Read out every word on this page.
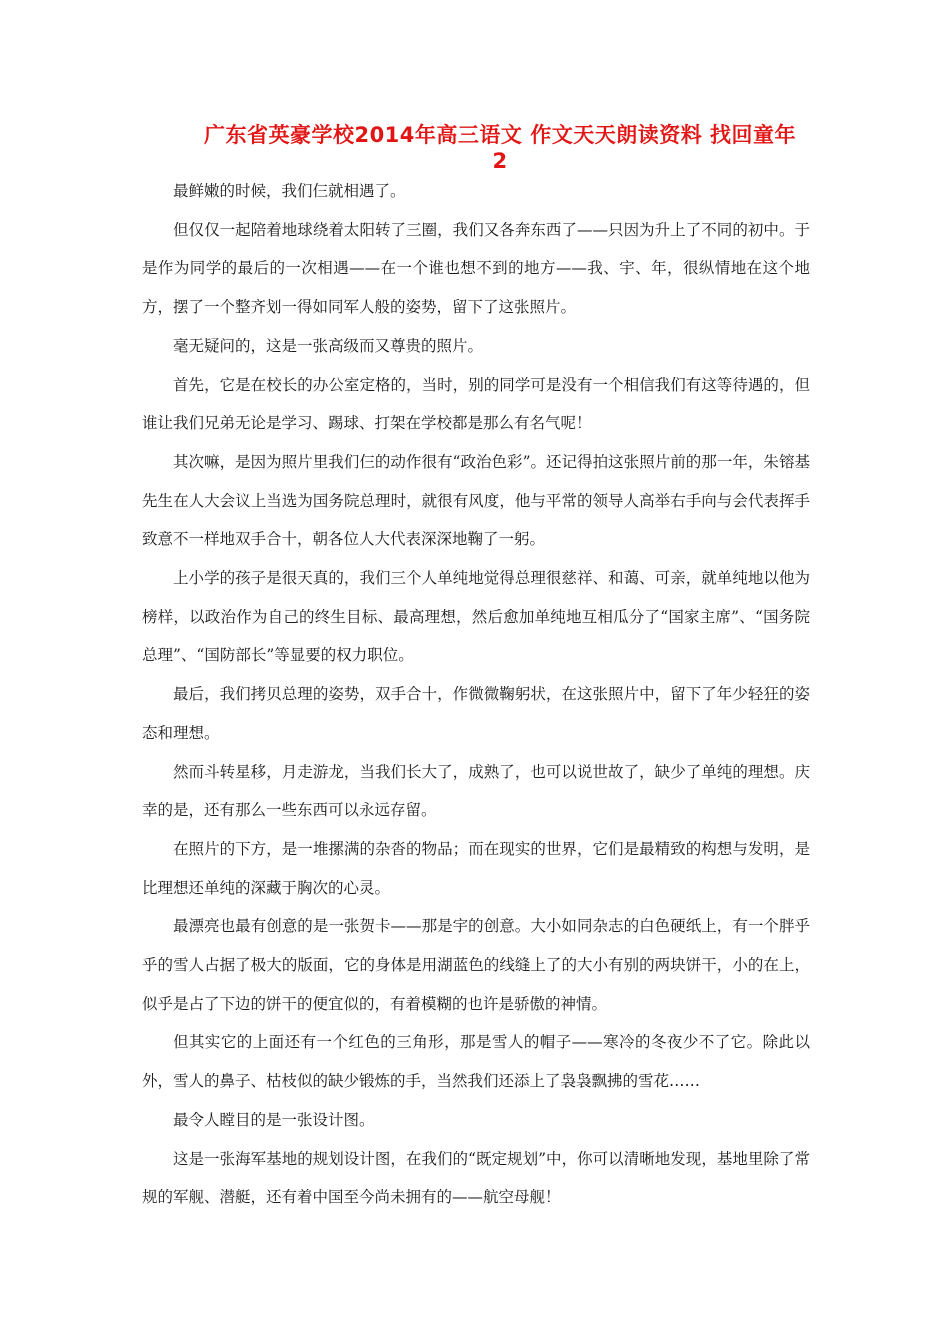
广东省英豪学校2014年高三语文 作文天天朗读资料 找回童年
2

最鲜嫩的时候，我们仨就相遇了。

但仅仅一起陪着地球绕着太阳转了三圈，我们又各奔东西了——只因为升上了不同的初中。于是作为同学的最后的一次相遇——在一个谁也想不到的地方——我、宇、年，很纵情地在这个地方，摆了一个整齐划一得如同军人般的姿势，留下了这张照片。

毫无疑问的，这是一张高级而又尊贵的照片。

首先，它是在校长的办公室定格的，当时，别的同学可是没有一个相信我们有这等待遇的，但谁让我们兄弟无论是学习、踢球、打架在学校都是那么有名气呢！

其次嘛，是因为照片里我们仨的动作很有“政治色彩”。还记得拍这张照片前的那一年，朱镕基先生在人大会议上当选为国务院总理时，就很有风度，他与平常的领导人高举右手向与会代表挥手致意不一样地双手合十，朝各位人大代表深深地鞠了一躬。

上小学的孩子是很天真的，我们三个人单纯地觉得总理很慈祥、和蔼、可亲，就单纯地以他为榜样，以政治作为自己的终生目标、最高理想，然后愈加单纯地互相瓜分了“国家主席”、“国务院总理”、“国防部长”等显要的权力职位。

最后，我们拷贝总理的姿势，双手合十，作微微鞠躬状，在这张照片中，留下了年少轻狂的姿态和理想。

然而斗转星移，月走游龙，当我们长大了，成熟了，也可以说世故了，缺少了单纯的理想。庆幸的是，还有那么一些东西可以永远存留。

在照片的下方，是一堆摞满的杂沓的物品；而在现实的世界，它们是最精致的构想与发明，是比理想还单纯的深藏于胸次的心灵。

最漂亮也最有创意的是一张贺卡——那是宇的创意。大小如同杂志的白色硬纸上，有一个胖乎乎的雪人占据了极大的版面，它的身体是用湖蓝色的线缝上了的大小有别的两块饼干，小的在上，似乎是占了下边的饼干的便宜似的，有着模糊的也许是骄傲的神情。

但其实它的上面还有一个红色的三角形，那是雪人的帽子——寒冷的冬夜少不了它。除此以外，雪人的鼻子、枯枝似的缺少锻炼的手，当然我们还添上了袅袅飘拂的雪花……

最令人瞠目的是一张设计图。

这是一张海军基地的规划设计图，在我们的“既定规划”中，你可以清晰地发现，基地里除了常规的军舰、潜艇，还有着中国至今尚未拥有的——航空母舰！
